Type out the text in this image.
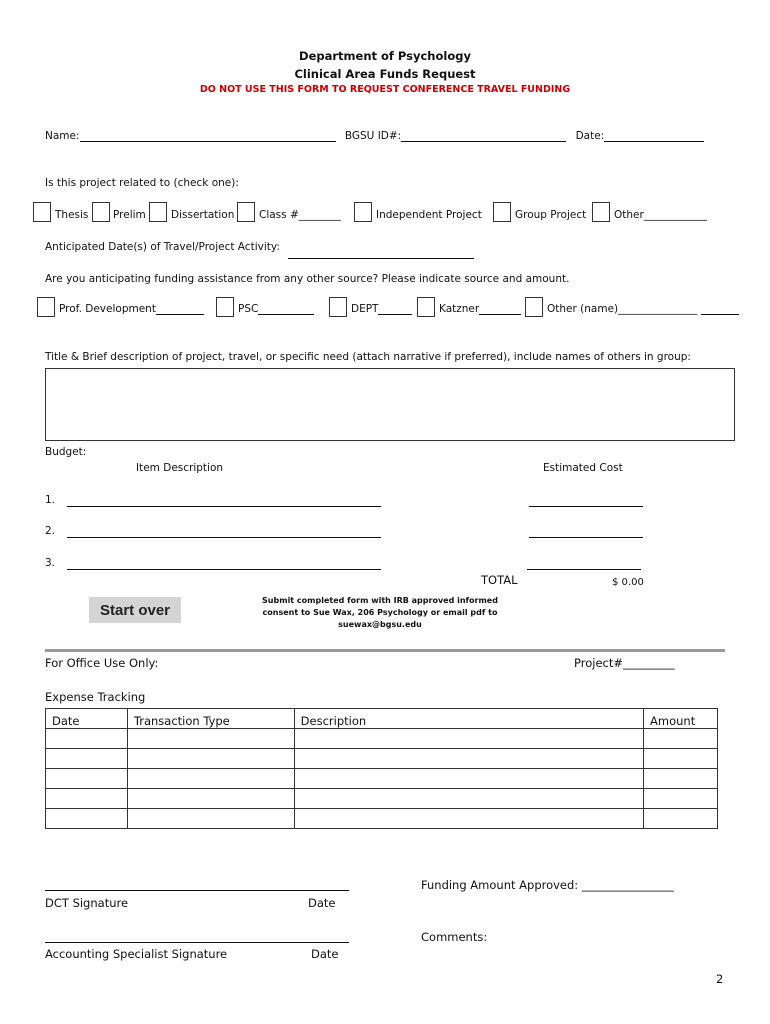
Department of Psychology
Clinical Area Funds Request
DO NOT USE THIS FORM TO REQUEST CONFERENCE TRAVEL FUNDING
Name:	BGSU ID#:	Date:
Is this project related to (check one):
Thesis Prelim Dissertation Class #________	Independent Project	Group Project	Other____________
Anticipated Date(s) of Travel/Project Activity:
Are you anticipating funding assistance from any other source? Please indicate source and amount.
Prof. Development	PSC	DEPT	Katzner	Other (name)_______________
Title & Brief description of project, travel, or specific need (attach narrative if preferred), include names of others in group:
Budget:
Item Description	Estimated Cost
1.
2.
3.
TOTAL	$ 0.00
Start over
Submit completed form with IRB approved informed consent to Sue Wax, 206 Psychology or email pdf to suewax@bgsu.edu
For Office Use Only:	Project#_________
Expense Tracking
Date	Transaction Type	Description	Amount

DCT Signature	Date
Funding Amount Approved: ________________
Accounting Specialist Signature	Date
Comments:
2
